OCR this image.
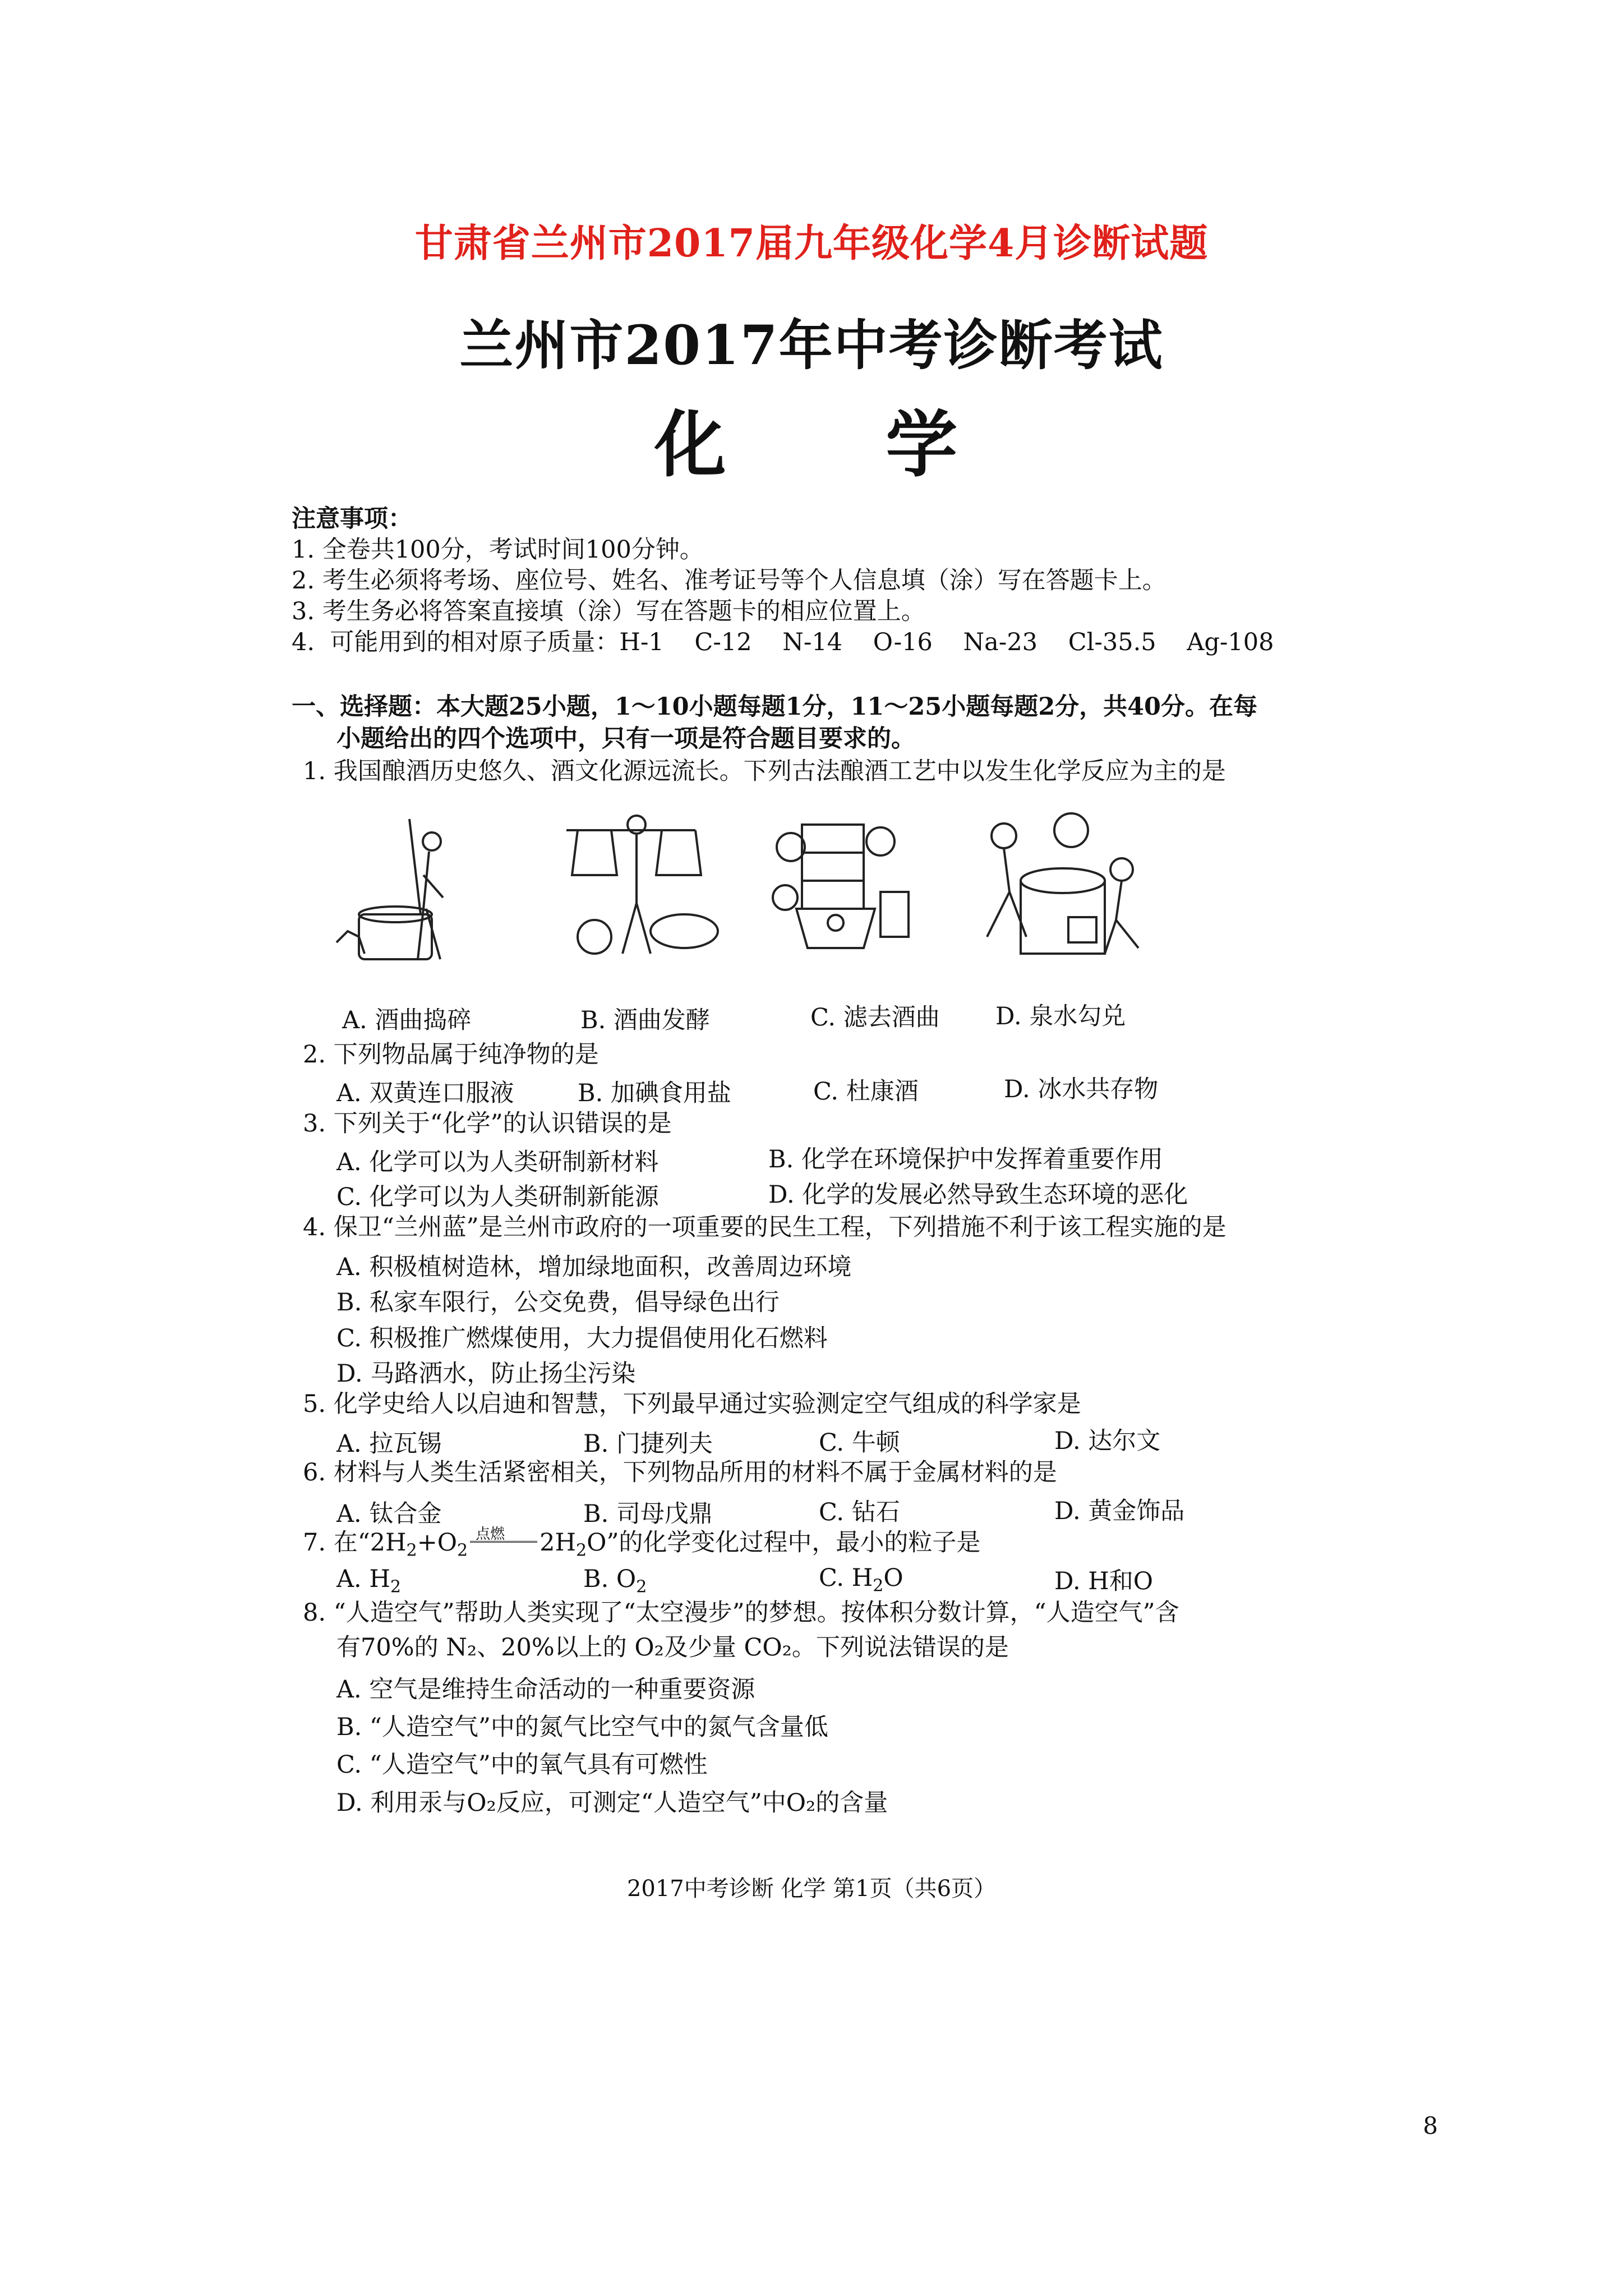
甘肃省兰州市2017届九年级化学4月诊断试题
兰州市2017年中考诊断考试
化 学
注意事项：
1. 全卷共100分，考试时间100分钟。
2. 考生必须将考场、座位号、姓名、准考证号等个人信息填（涂）写在答题卡上。
3. 考生务必将答案直接填（涂）写在答题卡的相应位置上。
4.  可能用到的相对原子质量：H-1    C-12    N-14    O-16    Na-23    Cl-35.5    Ag-108
一、选择题：本大题25小题，1～10小题每题1分，11～25小题每题2分，共40分。在每
小题给出的四个选项中，只有一项是符合题目要求的。
1. 我国酿酒历史悠久、酒文化源远流长。下列古法酿酒工艺中以发生化学反应为主的是
A. 酒曲捣碎	B. 酒曲发酵	C. 滤去酒曲 D. 泉水勾兑
2. 下列物品属于纯净物的是
A. 双黄连口服液	B. 加碘食用盐	C. 杜康酒	D. 冰水共存物
3. 下列关于“化学”的认识错误的是
A. 化学可以为人类研制新材料	B. 化学在环境保护中发挥着重要作用
C. 化学可以为人类研制新能源	D. 化学的发展必然导致生态环境的恶化
4. 保卫“兰州蓝”是兰州市政府的一项重要的民生工程，下列措施不利于该工程实施的是
A. 积极植树造林，增加绿地面积，改善周边环境
B. 私家车限行，公交免费，倡导绿色出行
C. 积极推广燃煤使用，大力提倡使用化石燃料
D. 马路洒水，防止扬尘污染
5. 化学史给人以启迪和智慧，下列最早通过实验测定空气组成的科学家是
A. 拉瓦锡	B. 门捷列夫	C. 牛顿	D. 达尔文
6. 材料与人类生活紧密相关，下列物品所用的材料不属于金属材料的是
A. 钛合金	B. 司母戊鼎	C. 钻石	D. 黄金饰品
7. 在“$2H_2+O_2$
点燃 $2H_2O$”的化学变化过程中，最小的粒子是
A. $H_2$	B. $O_2$	C. $H_2O$	D. H和O
8. “人造空气”帮助人类实现了“太空漫步”的梦想。按体积分数计算，“人造空气”含
有70%的 N₂、20%以上的 O₂及少量 CO₂。下列说法错误的是
A. 空气是维持生命活动的一种重要资源
B. “人造空气”中的氮气比空气中的氮气含量低
C. “人造空气”中的氧气具有可燃性
D. 利用汞与O₂反应，可测定“人造空气”中O₂的含量
2017中考诊断 化学 第1页（共6页）
8
